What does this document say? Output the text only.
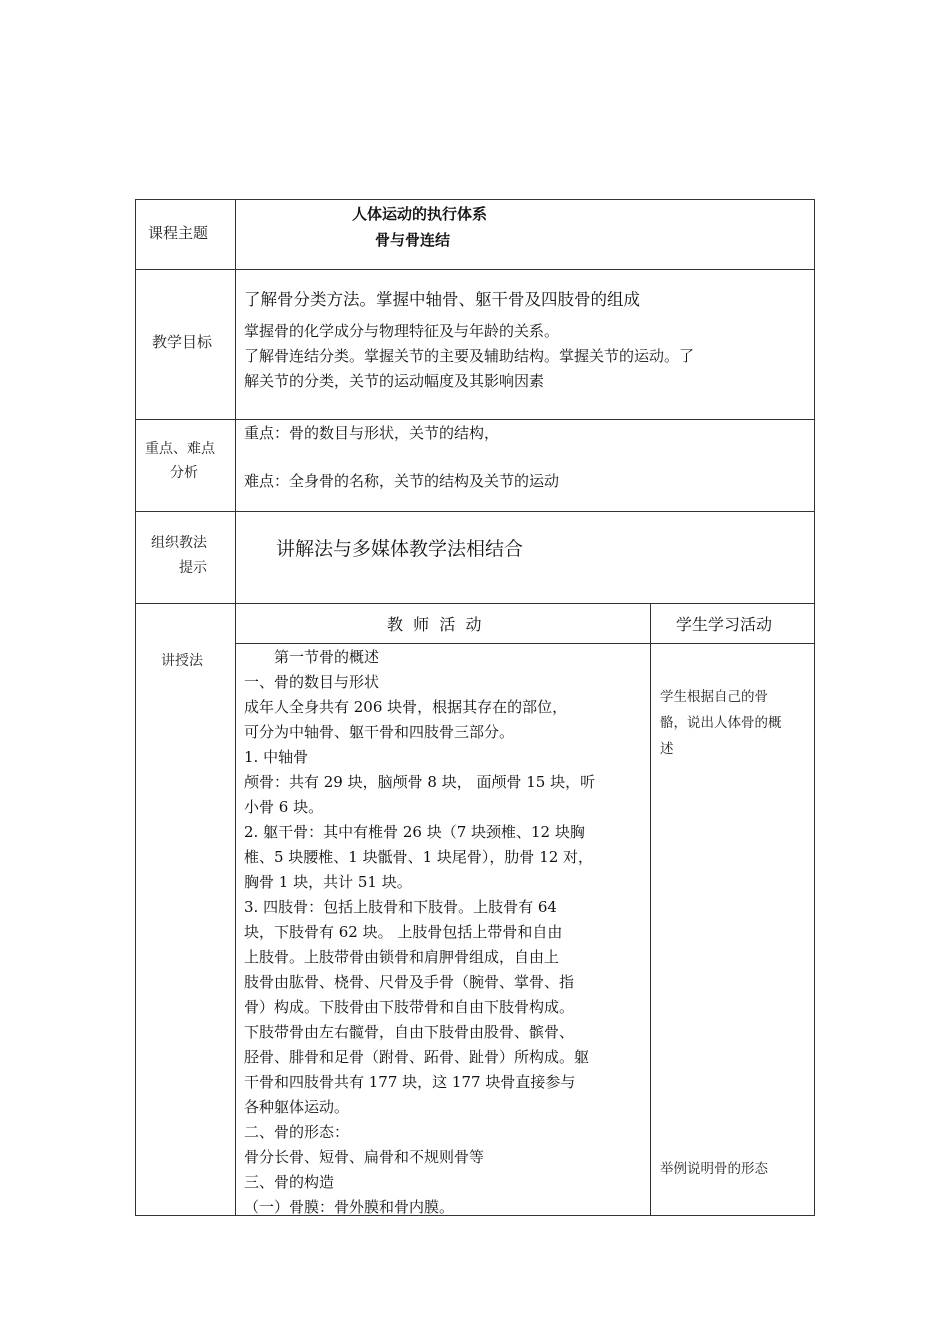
课程主题
人体运动的执行体系
骨与骨连结
教学目标
了解骨分类方法。掌握中轴骨、躯干骨及四肢骨的组成
掌握骨的化学成分与物理特征及与年龄的关系。
了解骨连结分类。掌握关节的主要及辅助结构。掌握关节的运动。了
解关节的分类，关节的运动幅度及其影响因素
重点、难点
分析
重点：骨的数目与形状，关节的结构，
难点：全身骨的名称，关节的结构及关节的运动
组织教法
提示
讲解法与多媒体教学法相结合
讲授法
教  师  活  动	学生学习活动
　　第一节骨的概述
一、骨的数目与形状
成年人全身共有 206 块骨，根据其存在的部位，
可分为中轴骨、躯干骨和四肢骨三部分。
1. 中轴骨
颅骨：共有 29 块，脑颅骨 8 块， 面颅骨 15 块，听
小骨 6 块。
2. 躯干骨：其中有椎骨 26 块（7 块颈椎、12 块胸
椎、5 块腰椎、1 块骶骨、1 块尾骨），肋骨 12 对，
胸骨 1 块，共计 51 块。
3. 四肢骨：包括上肢骨和下肢骨。上肢骨有 64
块，下肢骨有 62 块。 上肢骨包括上带骨和自由
上肢骨。上肢带骨由锁骨和肩胛骨组成，自由上
肢骨由肱骨、桡骨、尺骨及手骨（腕骨、掌骨、指
骨）构成。下肢骨由下肢带骨和自由下肢骨构成。
下肢带骨由左右髋骨，自由下肢骨由股骨、髌骨、
胫骨、腓骨和足骨（跗骨、跖骨、趾骨）所构成。躯
干骨和四肢骨共有 177 块，这 177 块骨直接参与
各种躯体运动。
二、骨的形态：
骨分长骨、短骨、扁骨和不规则骨等
三、骨的构造
（一）骨膜：骨外膜和骨内膜。
学生根据自己的骨
骼，说出人体骨的概
述
举例说明骨的形态
